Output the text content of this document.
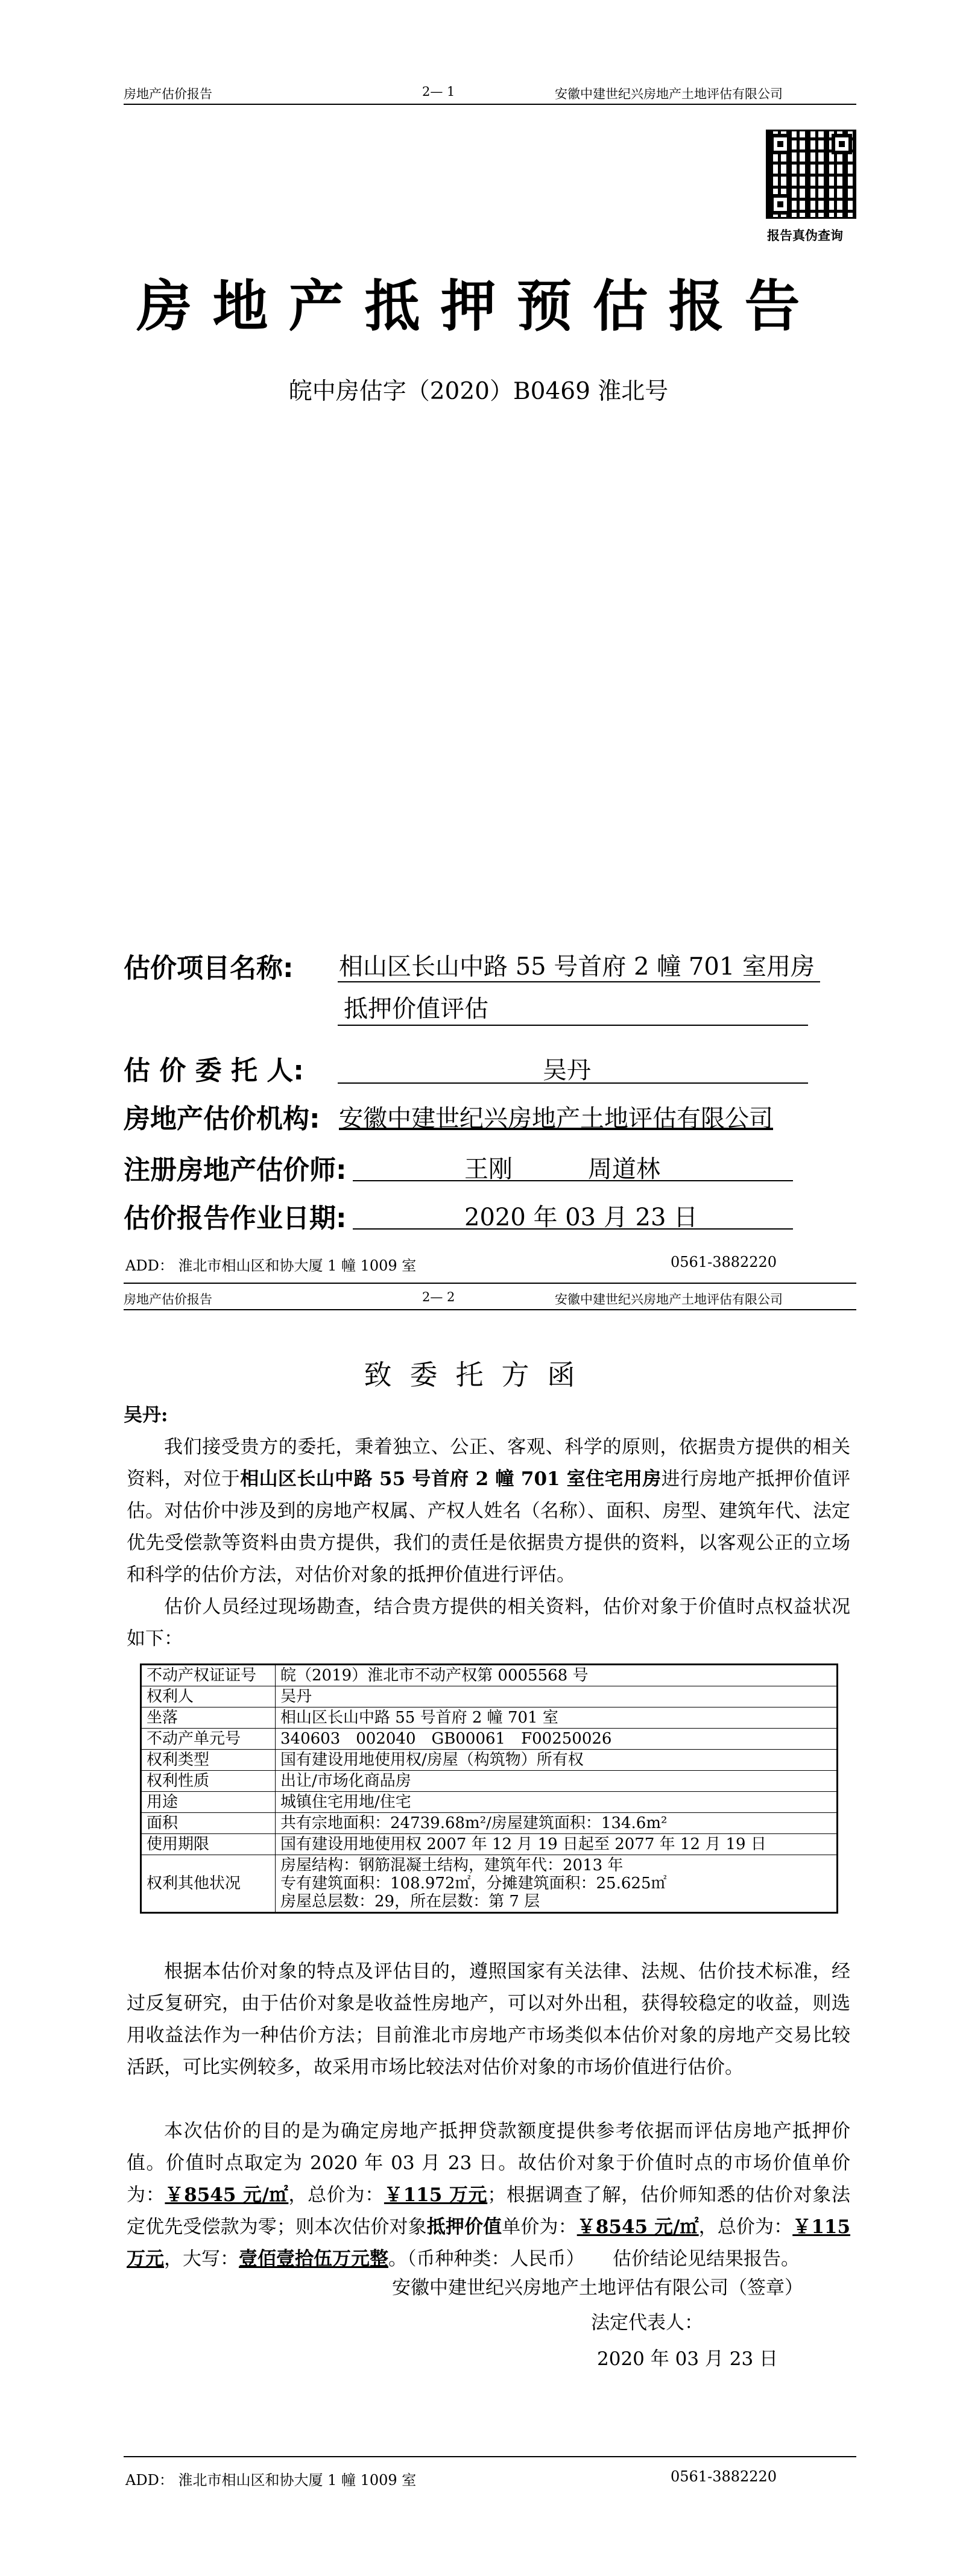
房地产估价报告	2— 1	安徽中建世纪兴房地产土地评估有限公司
报告真伪查询
房地产抵押预估报告
皖中房估字（2020）B0469 淮北号
估价项目名称: 相山区长山中路 55 号首府 2 幢 701 室用房
抵押价值评估
估 价 委 托 人:	吴丹
房地产估价机构: 安徽中建世纪兴房地产土地评估有限公司
注册房地产估价师:	王刚	周道林
估价报告作业日期:	2020 年 03 月 23 日
ADD： 淮北市相山区和协大厦 1 幢 1009 室	0561-3882220
房地产估价报告	2— 2	安徽中建世纪兴房地产土地评估有限公司
致委托方函
吴丹:
我们接受贵方的委托，秉着独立、公正、客观、科学的原则，依据贵方提供的相关资料，对位于相山区长山中路 55 号首府 2 幢 701 室住宅用房进行房地产抵押价值评估。对估价中涉及到的房地产权属、产权人姓名（名称）、面积、房型、建筑年代、法定优先受偿款等资料由贵方提供，我们的责任是依据贵方提供的资料，以客观公正的立场和科学的估价方法，对估价对象的抵押价值进行评估。
估价人员经过现场勘查，结合贵方提供的相关资料，估价对象于价值时点权益状况如下：
不动产权证证号	皖（2019）淮北市不动产权第 0005568 号
权利人	吴丹
坐落	相山区长山中路 55 号首府 2 幢 701 室
不动产单元号	340603　002040　GB00061　F00250026
权利类型	国有建设用地使用权/房屋（构筑物）所有权
权利性质	出让/市场化商品房
用途	城镇住宅用地/住宅
面积	共有宗地面积：24739.68m²/房屋建筑面积：134.6m²
使用期限	国有建设用地使用权 2007 年 12 月 19 日起至 2077 年 12 月 19 日
权利其他状况	房屋结构：钢筋混凝土结构，建筑年代：2013 年
专有建筑面积：108.972㎡，分摊建筑面积：25.625㎡
房屋总层数：29，所在层数：第 7 层
根据本估价对象的特点及评估目的，遵照国家有关法律、法规、估价技术标准，经过反复研究，由于估价对象是收益性房地产，可以对外出租，获得较稳定的收益，则选用收益法作为一种估价方法；目前淮北市房地产市场类似本估价对象的房地产交易比较活跃，可比实例较多，故采用市场比较法对估价对象的市场价值进行估价。
本次估价的目的是为确定房地产抵押贷款额度提供参考依据而评估房地产抵押价值。价值时点取定为 2020 年 03 月 23 日。故估价对象于价值时点的市场价值单价为：￥8545 元/㎡，总价为：￥115 万元；根据调查了解，估价师知悉的估价对象法定优先受偿款为零；则本次估价对象抵押价值单价为：￥8545 元/㎡，总价为：￥115 万元，大写：壹佰壹拾伍万元整。（币种种类：人民币）　　估价结论见结果报告。
安徽中建世纪兴房地产土地评估有限公司（签章）
法定代表人：
2020 年 03 月 23 日
ADD： 淮北市相山区和协大厦 1 幢 1009 室	0561-3882220
